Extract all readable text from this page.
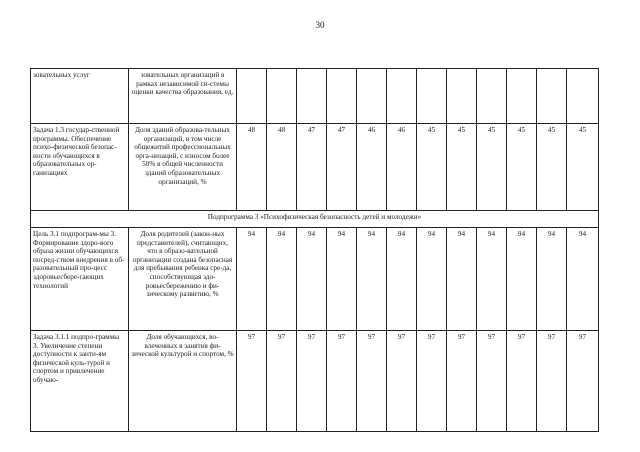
30
зовательных услуг	зовательных организаций в рамках независимой си-стемы оценки качества образования, ед.												
Задача 1.3 государ-ственной программы. Обеспечение психо-физической безопас-ности обучающихся в образовательных ор-ганизациях	Доля зданий образова-тельных организаций, в том числе общежитий профессиональных орга-низаций, с износом более 50% в общей численности зданий образовательных организаций, %	48	48	47	47	46	46	45	45	45	45	45	45
Подпрограмма 3 «Психофизическая безопасность детей и молодежи»													
Цель 3.1 подпрограм-мы 3. Формирование здоро-вого образа жизни обучающихся посред-ством внедрения в об-разовательный про-цесс здоровьесбере-гающих технологий	Доля родителей (закон-ных представителей), считающих, что в образо-вательной организации создана безопасная для пребывания ребенка сре-да, способствующая здо-ровьесбережению и фи-зическому развитию, %	94	94	94	94	94	94	94	94	94	94	94	94
Задача 3.1.1 подпро-граммы 3. Увеличение степени доступности к занти-ям физической куль-турой и спортом и привлечение обучаю-	Доля обучающихся, во-влеченных в занятия фи-зической культурой и спортом, %	97	97	97	97	97	97	97	97	97	97	97	97
